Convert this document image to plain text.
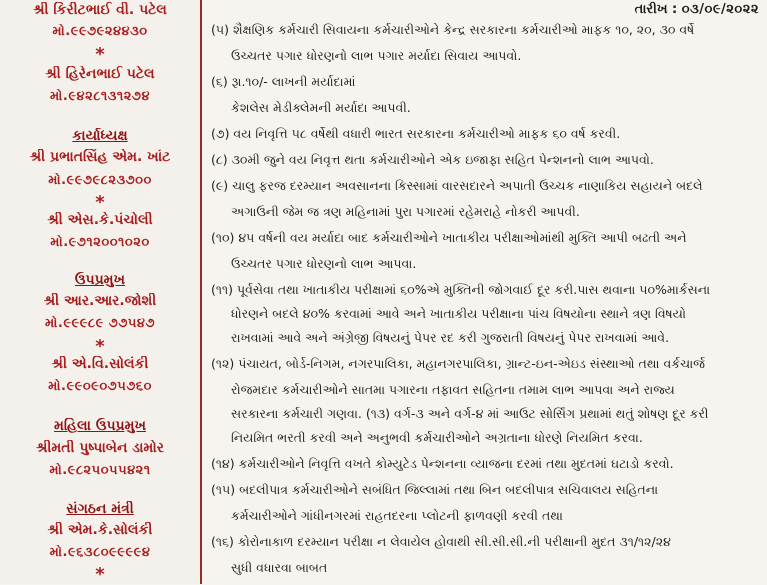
શ્રી કિરીટભાઈ વી. પટેલ
મો.૯૯૭૯૨૪૪૩૦
*
શ્રી હિરેનભાઈ પટેલ
મો.૯૪૨૮૧૩૧૨૭૪
કાર્યાધ્યક્ષ
શ્રી પ્રભાતસિંહ એમ. ખાંટ
મો.૯૯૭૯૮૨૩૭૦૦
*
શ્રી એસ.કે.પંચોલી
મો.૯૭૧૨૦૦૧૦૨૦
ઉપપ્રમુખ
શ્રી આર.આર.જોશી
મો.૯૯૯૮૯ ૭૭૫૪૭
*
શ્રી એ.વિ.સોલંકી
મો.૯૯૦૯૦૭૫૭૬૦
મહિલા ઉપપ્રમુખ
શ્રીમતી પુષ્પાબેન ડામોર
મો.૯૮૨૫૦૫૫૪૨૧
સંગઠન મંત્રી
શ્રી એમ.કે.સોલંકી
મો.૯૬૩૮૦૯૯૯૯૪
*
તારીખ : ૦૩/૦૯/૨૦૨૨
(૫) શૈક્ષણિક કર્મચારી સિવાયના કર્મચારીઓને કેન્દ્ર સરકારના કર્મચારીઓ માફક ૧૦, ૨૦, ૩૦ વર્ષે
ઉચ્ચતર પગાર ધોરણનો લાભ પગાર મર્યાદા સિવાય આપવો.
(૬) રૂા.૧૦/- લાખની મર્યાદામાં
કેશલેસ મેડીક્લેમની મર્યાદા આપવી.
(૭) વય નિવૃત્તિ ૫૮ વર્ષેથી વધારી ભારત સરકારના કર્મચારીઓ માફક ૬૦ વર્ષ કરવી.
(૮) ૩૦મી જુને વય નિવૃત્ત થતા કર્મચારીઓને એક ઇજાફા સહિત પેન્શનનો લાભ આપવો.
(૯) ચાલુ ફરજ દરમ્યાન અવસાનના કિસ્સામાં વારસદારને અપાતી ઉચ્ચક નાણાકિય સહાયને બદલે
અગાઉની જેમ જ ત્રણ મહિનામાં પુરા પગારમાં રહેમરાહે નોકરી આપવી.
(૧૦) ૪૫ વર્ષની વય મર્યાદા બાદ કર્મચારીઓને ખાતાકીય પરીક્ષાઓમાંથી મુક્તિ આપી બઢતી અને
ઉચ્ચતર પગાર ધોરણનો લાભ આપવા.
(૧૧) પૂર્વસેવા તથા ખાતાકીય પરીક્ષામાં ૬૦%એ મુક્તિની જોગવાઈ દૂર કરી.પાસ થવાના ૫૦%માર્કસના
ધોરણને બદલે ૪૦% કરવામાં આવે અને ખાતાકીય પરીક્ષાના પાંચ વિષયોના સ્થાને ત્રણ વિષયો
રાખવામાં આવે અને અંગ્રેજી વિષયનું પેપર રદ કરી ગુજરાતી વિષયનું પેપર રાખવામાં આવે.
(૧૨) પંચાયત, બોર્ડ-નિગમ, નગરપાલિકા, મહાનગરપાલિકા, ગ્રાન્ટ-ઇન-એઇડ સંસ્થાઓ તથા વર્કચાર્જ
રોજમદાર કર્મચારીઓને સાતમા પગારના તફાવત સહિતના તમામ લાભ આપવા અને રાજ્ય
સરકારના કર્મચારી ગણવા. (૧૩) વર્ગ-૩ અને વર્ગ-૪ માં આઉટ સોર્સિંગ પ્રથામાં થતું શોષણ દૂર કરી
નિયમિત ભરતી કરવી અને અનુભવી કર્મચારીઓને અગ્રતાના ધોરણે નિયમિત કરવા.
(૧૪) કર્મચારીઓને નિવૃત્તિ વખતે કોમ્યુટેડ પેન્શનના વ્યાજના દરમાં તથા મુદતમાં ઘટાડો કરવો.
(૧૫) બદલીપાત્ર કર્મચારીઓને સબંધિત જિલ્લામાં તથા બિન બદલીપાત્ર સચિવાલય સહિતના
કર્મચારીઓને ગાંધીનગરમાં રાહતદરના પ્લોટની ફાળવણી કરવી તથા
(૧૬) કોરોનાકાળ દરમ્યાન પરીક્ષા ન લેવાયેલ હોવાથી સી.સી.સી.ની પરીક્ષાની મુદત ૩૧/૧૨/૨૪
સુધી વધારવા બાબત
